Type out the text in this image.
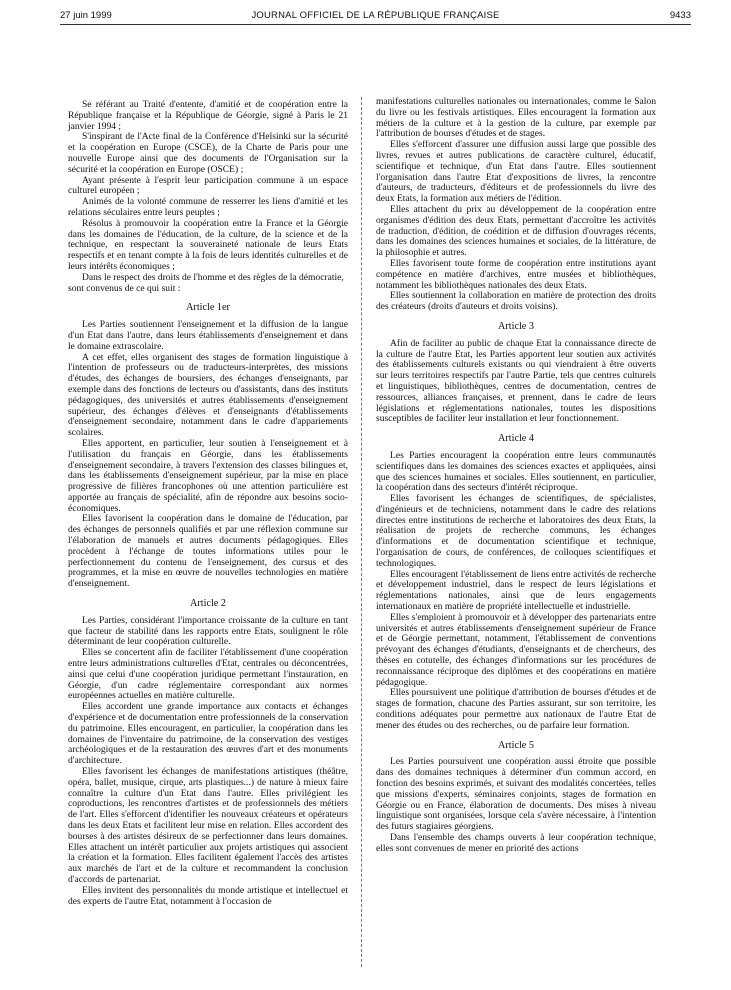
27 juin 1999	JOURNAL OFFICIEL DE LA RÉPUBLIQUE FRANÇAISE	9433

Se référant au Traité d'entente, d'amitié et de coopération entre la République française et la République de Géorgie, signé à Paris le 21 janvier 1994 ;

S'inspirant de l'Acte final de la Conférence d'Helsinki sur la sécurité et la coopération en Europe (CSCE), de la Charte de Paris pour une nouvelle Europe ainsi que des documents de l'Organisation sur la sécurité et la coopération en Europe (OSCE) ;

Ayant présente à l'esprit leur participation commune à un espace culturel européen ;

Animés de la volonté commune de resserrer les liens d'amitié et les relations séculaires entre leurs peuples ;

Résolus à promouvoir la coopération entre la France et la Géorgie dans les domaines de l'éducation, de la culture, de la science et de la technique, en respectant la souveraineté nationale de leurs Etats respectifs et en tenant compte à la fois de leurs identités culturelles et de leurs intérêts économiques ;

Dans le respect des droits de l'homme et des règles de la démocratie,

sont convenus de ce qui suit :

Article 1er

Les Parties soutiennent l'enseignement et la diffusion de la langue d'un Etat dans l'autre, dans leurs établissements d'enseignement et dans le domaine extrascolaire.

A cet effet, elles organisent des stages de formation linguistique à l'intention de professeurs ou de traducteurs-interprètes, des missions d'études, des échanges de boursiers, des échanges d'enseignants, par exemple dans des fonctions de lecteurs ou d'assistants, dans des instituts pédagogiques, des universités et autres établissements d'enseignement supérieur, des échanges d'élèves et d'enseignants d'établissements d'enseignement secondaire, notamment dans le cadre d'appariements scolaires.

Elles apportent, en particulier, leur soutien à l'enseignement et à l'utilisation du français en Géorgie, dans les établissements d'enseignement secondaire, à travers l'extension des classes bilingues et, dans les établissements d'enseignement supérieur, par la mise en place progressive de filières francophones où une attention particulière est apportée au français de spécialité, afin de répondre aux besoins socio-économiques.

Elles favorisent la coopération dans le domaine de l'éducation, par des échanges de personnels qualifiés et par une réflexion commune sur l'élaboration de manuels et autres documents pédagogiques. Elles procèdent à l'échange de toutes informations utiles pour le perfectionnement du contenu de l'enseignement, des cursus et des programmes, et la mise en œuvre de nouvelles technologies en matière d'enseignement.

Article 2

Les Parties, considérant l'importance croissante de la culture en tant que facteur de stabilité dans les rapports entre Etats, soulignent le rôle déterminant de leur coopération culturelle.

Elles se concertent afin de faciliter l'établissement d'une coopération entre leurs administrations culturelles d'Etat, centrales ou déconcentrées, ainsi que celui d'une coopération juridique permettant l'instauration, en Géorgie, d'un cadre réglementaire correspondant aux normes européennes actuelles en matière culturelle.

Elles accordent une grande importance aux contacts et échanges d'expérience et de documentation entre professionnels de la conservation du patrimoine. Elles encouragent, en particulier, la coopération dans les domaines de l'inventaire du patrimoine, de la conservation des vestiges archéologiques et de la restauration des œuvres d'art et des monuments d'architecture.

Elles favorisent les échanges de manifestations artistiques (théâtre, opéra, ballet, musique, cirque, arts plastiques...) de nature à mieux faire connaître la culture d'un Etat dans l'autre. Elles privilégient les coproductions, les rencontres d'artistes et de professionnels des métiers de l'art. Elles s'efforcent d'identifier les nouveaux créateurs et opérateurs dans les deux Etats et facilitent leur mise en relation. Elles accordent des bourses à des artistes désireux de se perfectionner dans leurs domaines. Elles attachent un intérêt particulier aux projets artistiques qui associent la création et la formation. Elles facilitent également l'accès des artistes aux marchés de l'art et de la culture et recommandent la conclusion d'accords de partenariat.

Elles invitent des personnalités du monde artistique et intellectuel et des experts de l'autre Etat, notamment à l'occasion de

manifestations culturelles nationales ou internationales, comme le Salon du livre ou les festivals artistiques. Elles encouragent la formation aux métiers de la culture et à la gestion de la culture, par exemple par l'attribution de bourses d'études et de stages.

Elles s'efforcent d'assurer une diffusion aussi large que possible des livres, revues et autres publications de caractère culturel, éducatif, scientifique et technique, d'un Etat dans l'autre. Elles soutiennent l'organisation dans l'autre Etat d'expositions de livres, la rencontre d'auteurs, de traducteurs, d'éditeurs et de professionnels du livre des deux Etats, la formation aux métiers de l'édition.

Elles attachent du prix au développement de la coopération entre organismes d'édition des deux Etats, permettant d'accroître les activités de traduction, d'édition, de coédition et de diffusion d'ouvrages récents, dans les domaines des sciences humaines et sociales, de la littérature, de la philosophie et autres.

Elles favorisent toute forme de coopération entre institutions ayant compétence en matière d'archives, entre musées et bibliothèques, notamment les bibliothèques nationales des deux Etats.

Elles soutiennent la collaboration en matière de protection des droits des créateurs (droits d'auteurs et droits voisins).

Article 3

Afin de faciliter au public de chaque Etat la connaissance directe de la culture de l'autre Etat, les Parties apportent leur soutien aux activités des établissements culturels existants ou qui viendraient à être ouverts sur leurs territoires respectifs par l'autre Partie, tels que centres culturels et linguistiques, bibliothèques, centres de documentation, centres de ressources, alliances françaises, et prennent, dans le cadre de leurs législations et réglementations nationales, toutes les dispositions susceptibles de faciliter leur installation et leur fonctionnement.

Article 4

Les Parties encouragent la coopération entre leurs communautés scientifiques dans les domaines des sciences exactes et appliquées, ainsi que des sciences humaines et sociales. Elles soutiennent, en particulier, la coopération dans des secteurs d'intérêt réciproque.

Elles favorisent les échanges de scientifiques, de spécialistes, d'ingénieurs et de techniciens, notamment dans le cadre des relations directes entre institutions de recherche et laboratoires des deux Etats, la réalisation de projets de recherche communs, les échanges d'informations et de documentation scientifique et technique, l'organisation de cours, de conférences, de colloques scientifiques et technologiques.

Elles encouragent l'établissement de liens entre activités de recherche et développement industriel, dans le respect de leurs législations et réglementations nationales, ainsi que de leurs engagements internationaux en matière de propriété intellectuelle et industrielle.

Elles s'emploient à promouvoir et à développer des partenariats entre universités et autres établissements d'enseignement supérieur de France et de Géorgie permettant, notamment, l'établissement de conventions prévoyant des échanges d'étudiants, d'enseignants et de chercheurs, des thèses en cotutelle, des échanges d'informations sur les procédures de reconnaissance réciproque des diplômes et des coopérations en matière pédagogique.

Elles poursuivent une politique d'attribution de bourses d'études et de stages de formation, chacune des Parties assurant, sur son territoire, les conditions adéquates pour permettre aux nationaux de l'autre Etat de mener des études ou des recherches, ou de parfaire leur formation.

Article 5

Les Parties poursuivent une coopération aussi étroite que possible dans des domaines techniques à déterminer d'un commun accord, en fonction des besoins exprimés, et suivant des modalités concertées, telles que missions d'experts, séminaires conjoints, stages de formation en Géorgie ou en France, élaboration de documents. Des mises à niveau linguistique sont organisées, lorsque cela s'avère nécessaire, à l'intention des futurs stagiaires géorgiens.

Dans l'ensemble des champs ouverts à leur coopération technique, elles sont convenues de mener en priorité des actions
